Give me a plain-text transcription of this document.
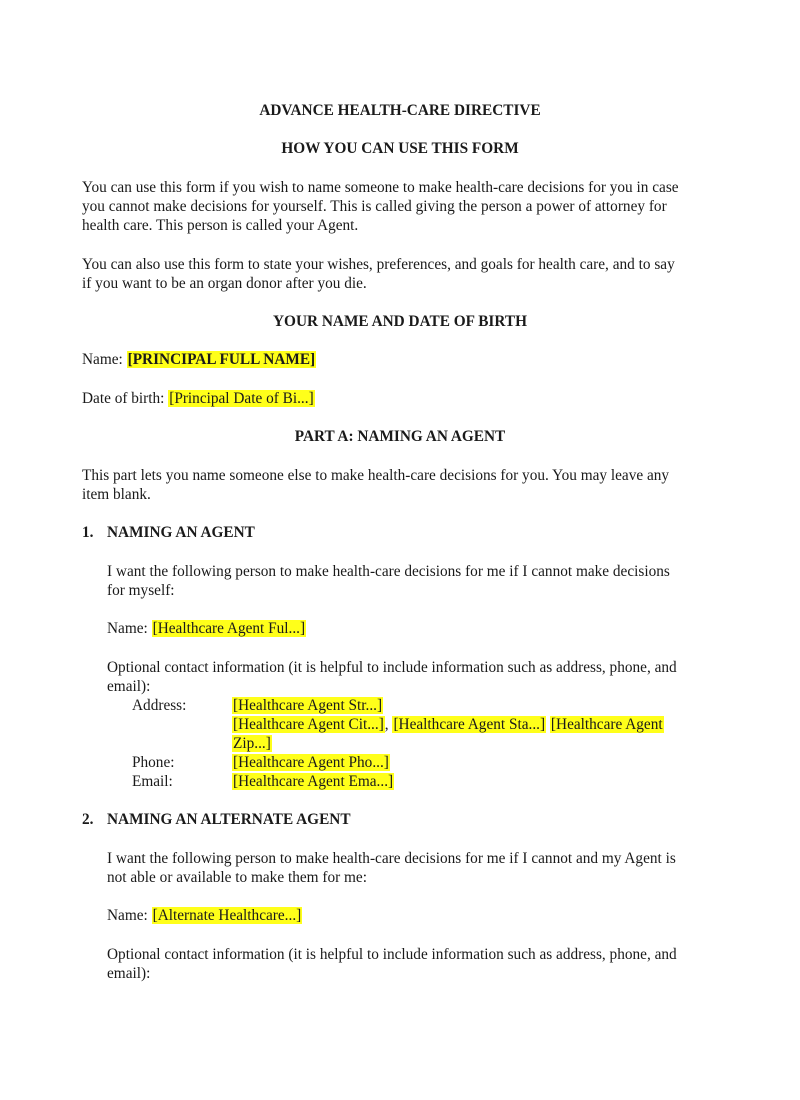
ADVANCE HEALTH-CARE DIRECTIVE
HOW YOU CAN USE THIS FORM
You can use this form if you wish to name someone to make health-care decisions for you in case
you cannot make decisions for yourself. This is called giving the person a power of attorney for
health care. This person is called your Agent.
You can also use this form to state your wishes, preferences, and goals for health care, and to say
if you want to be an organ donor after you die.
YOUR NAME AND DATE OF BIRTH
Name: [PRINCIPAL FULL NAME]
Date of birth: [Principal Date of Bi...]
PART A: NAMING AN AGENT
This part lets you name someone else to make health-care decisions for you. You may leave any
item blank.
1. NAMING AN AGENT
I want the following person to make health-care decisions for me if I cannot make decisions
for myself:
Name: [Healthcare Agent Ful...]
Optional contact information (it is helpful to include information such as address, phone, and
email):
Address:	[Healthcare Agent Str...]
[Healthcare Agent Cit...], [Healthcare Agent Sta...] [Healthcare Agent
Zip...]
Phone:	[Healthcare Agent Pho...]
Email:	[Healthcare Agent Ema...]
2. NAMING AN ALTERNATE AGENT
I want the following person to make health-care decisions for me if I cannot and my Agent is
not able or available to make them for me:
Name: [Alternate Healthcare...]
Optional contact information (it is helpful to include information such as address, phone, and
email):
